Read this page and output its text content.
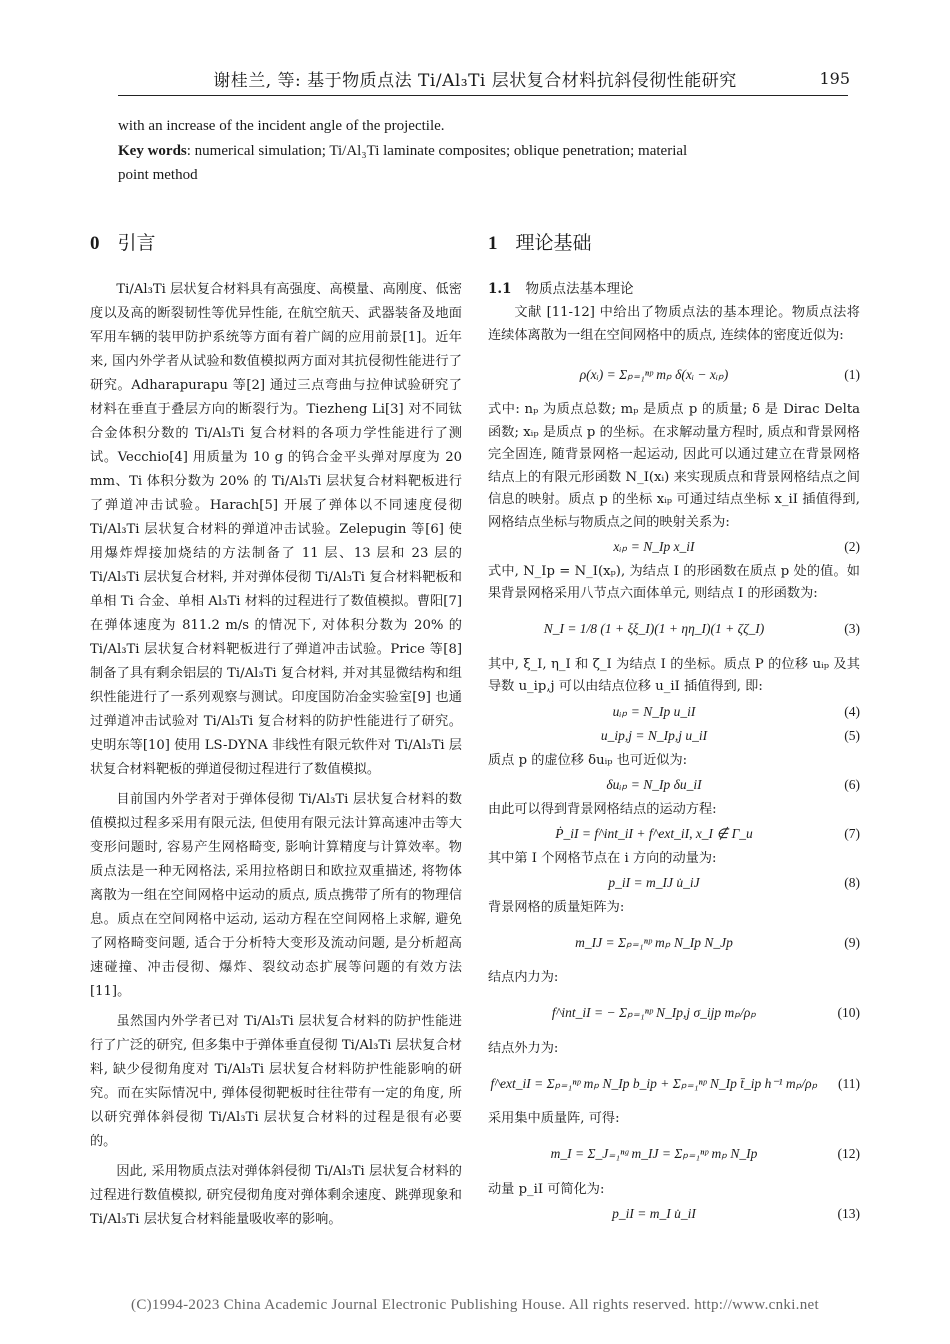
谢桂兰, 等: 基于物质点法 Ti/Al₃Ti 层状复合材料抗斜侵彻性能研究	195
with an increase of the incident angle of the projectile.
Key words: numerical simulation; Ti/Al₃Ti laminate composites; oblique penetration; material
point method
0 引言

Ti/Al₃Ti 层状复合材料具有高强度、高模量、高刚度、低密度以及高的断裂韧性等优异性能, 在航空航天、武器装备及地面军用车辆的装甲防护系统等方面有着广阔的应用前景[1]。近年来, 国内外学者从试验和数值模拟两方面对其抗侵彻性能进行了研究。Adharapurapu 等[2] 通过三点弯曲与拉伸试验研究了材料在垂直于叠层方向的断裂行为。Tiezheng Li[3] 对不同钛合金体积分数的 Ti/Al₃Ti 复合材料的各项力学性能进行了测试。Vecchio[4] 用质量为 10 g 的钨合金平头弹对厚度为 20 mm、Ti 体积分数为 20% 的 Ti/Al₃Ti 层状复合材料靶板进行了弹道冲击试验。Harach[5] 开展了弹体以不同速度侵彻 Ti/Al₃Ti 层状复合材料的弹道冲击试验。Zelepugin 等[6] 使用爆炸焊接加烧结的方法制备了 11 层、13 层和 23 层的 Ti/Al₃Ti 层状复合材料, 并对弹体侵彻 Ti/Al₃Ti 复合材料靶板和单相 Ti 合金、单相 Al₃Ti 材料的过程进行了数值模拟。曹阳[7] 在弹体速度为 811.2 m/s 的情况下, 对体积分数为 20% 的 Ti/Al₃Ti 层状复合材料靶板进行了弹道冲击试验。Price 等[8] 制备了具有剩余铝层的 Ti/Al₃Ti 复合材料, 并对其显微结构和组织性能进行了一系列观察与测试。印度国防冶金实验室[9] 也通过弹道冲击试验对 Ti/Al₃Ti 复合材料的防护性能进行了研究。史明东等[10] 使用 LS-DYNA 非线性有限元软件对 Ti/Al₃Ti 层状复合材料靶板的弹道侵彻过程进行了数值模拟。

目前国内外学者对于弹体侵彻 Ti/Al₃Ti 层状复合材料的数值模拟过程多采用有限元法, 但使用有限元法计算高速冲击等大变形问题时, 容易产生网格畸变, 影响计算精度与计算效率。物质点法是一种无网格法, 采用拉格朗日和欧拉双重描述, 将物体离散为一组在空间网格中运动的质点, 质点携带了所有的物理信息。质点在空间网格中运动, 运动方程在空间网格上求解, 避免了网格畸变问题, 适合于分析特大变形及流动问题, 是分析超高速碰撞、冲击侵彻、爆炸、裂纹动态扩展等问题的有效方法[11]。

虽然国内外学者已对 Ti/Al₃Ti 层状复合材料的防护性能进行了广泛的研究, 但多集中于弹体垂直侵彻 Ti/Al₃Ti 层状复合材料, 缺少侵彻角度对 Ti/Al₃Ti 层状复合材料防护性能影响的研究。而在实际情况中, 弹体侵彻靶板时往往带有一定的角度, 所以研究弹体斜侵彻 Ti/Al₃Ti 层状复合材料的过程是很有必要的。

因此, 采用物质点法对弹体斜侵彻 Ti/Al₃Ti 层状复合材料的过程进行数值模拟, 研究侵彻角度对弹体剩余速度、跳弹现象和 Ti/Al₃Ti 层状复合材料能量吸收率的影响。

1 理论基础
1.1 物质点法基本理论

文献 [11-12] 中给出了物质点法的基本理论。物质点法将连续体离散为一组在空间网格中的质点, 连续体的密度近似为:

ρ(xᵢ) = Σₚ₌₁ⁿᵖ mₚ δ(xᵢ − xᵢₚ)	(1)

式中: nₚ 为质点总数; mₚ 是质点 p 的质量; δ 是 Dirac Delta 函数; xᵢₚ 是质点 p 的坐标。在求解动量方程时, 质点和背景网格完全固连, 随背景网格一起运动, 因此可以通过建立在背景网格结点上的有限元形函数 N_I(xᵢ) 来实现质点和背景网格结点之间信息的映射。质点 p 的坐标 xᵢₚ 可通过结点坐标 x_iI 插值得到, 网格结点坐标与物质点之间的映射关系为:

xᵢₚ = N_Ip x_iI	(2)

式中, N_Ip = N_I(xₚ), 为结点 I 的形函数在质点 p 处的值。如果背景网格采用八节点六面体单元, 则结点 I 的形函数为:

N_I = 1/8 (1 + ξξ_I)(1 + ηη_I)(1 + ζζ_I)	(3)

其中, ξ_I, η_I 和 ζ_I 为结点 I 的坐标。质点 P 的位移 uᵢₚ 及其导数 u_ip,j 可以由结点位移 u_iI 插值得到, 即:

uᵢₚ = N_Ip u_iI	(4)
u_ip,j = N_Ip,j u_iI	(5)

质点 p 的虚位移 δuᵢₚ 也可近似为:

δuᵢₚ = N_Ip δu_iI	(6)

由此可以得到背景网格结点的运动方程:

Ṗ_iI = f^int_iI + f^ext_iI, x_I ∉ Γ_u	(7)

其中第 I 个网格节点在 i 方向的动量为:

p_iI = m_IJ u̇_iJ	(8)

背景网格的质量矩阵为:

m_IJ = Σₚ₌₁ⁿᵖ mₚ N_Ip N_Jp	(9)

结点内力为:

f^int_iI = − Σₚ₌₁ⁿᵖ N_Ip,j σ_ijp mₚ/ρₚ	(10)

结点外力为:

f^ext_iI = Σₚ₌₁ⁿᵖ mₚ N_Ip b_ip + Σₚ₌₁ⁿᵖ N_Ip t̄_ip h⁻¹ mₚ/ρₚ	(11)

采用集中质量阵, 可得:

m_I = Σ_J₌₁ⁿᵍ m_IJ = Σₚ₌₁ⁿᵖ mₚ N_Ip	(12)

动量 p_iI 可简化为:

p_iI = m_I u̇_iI	(13)
(C)1994-2023 China Academic Journal Electronic Publishing House. All rights reserved. http://www.cnki.net
